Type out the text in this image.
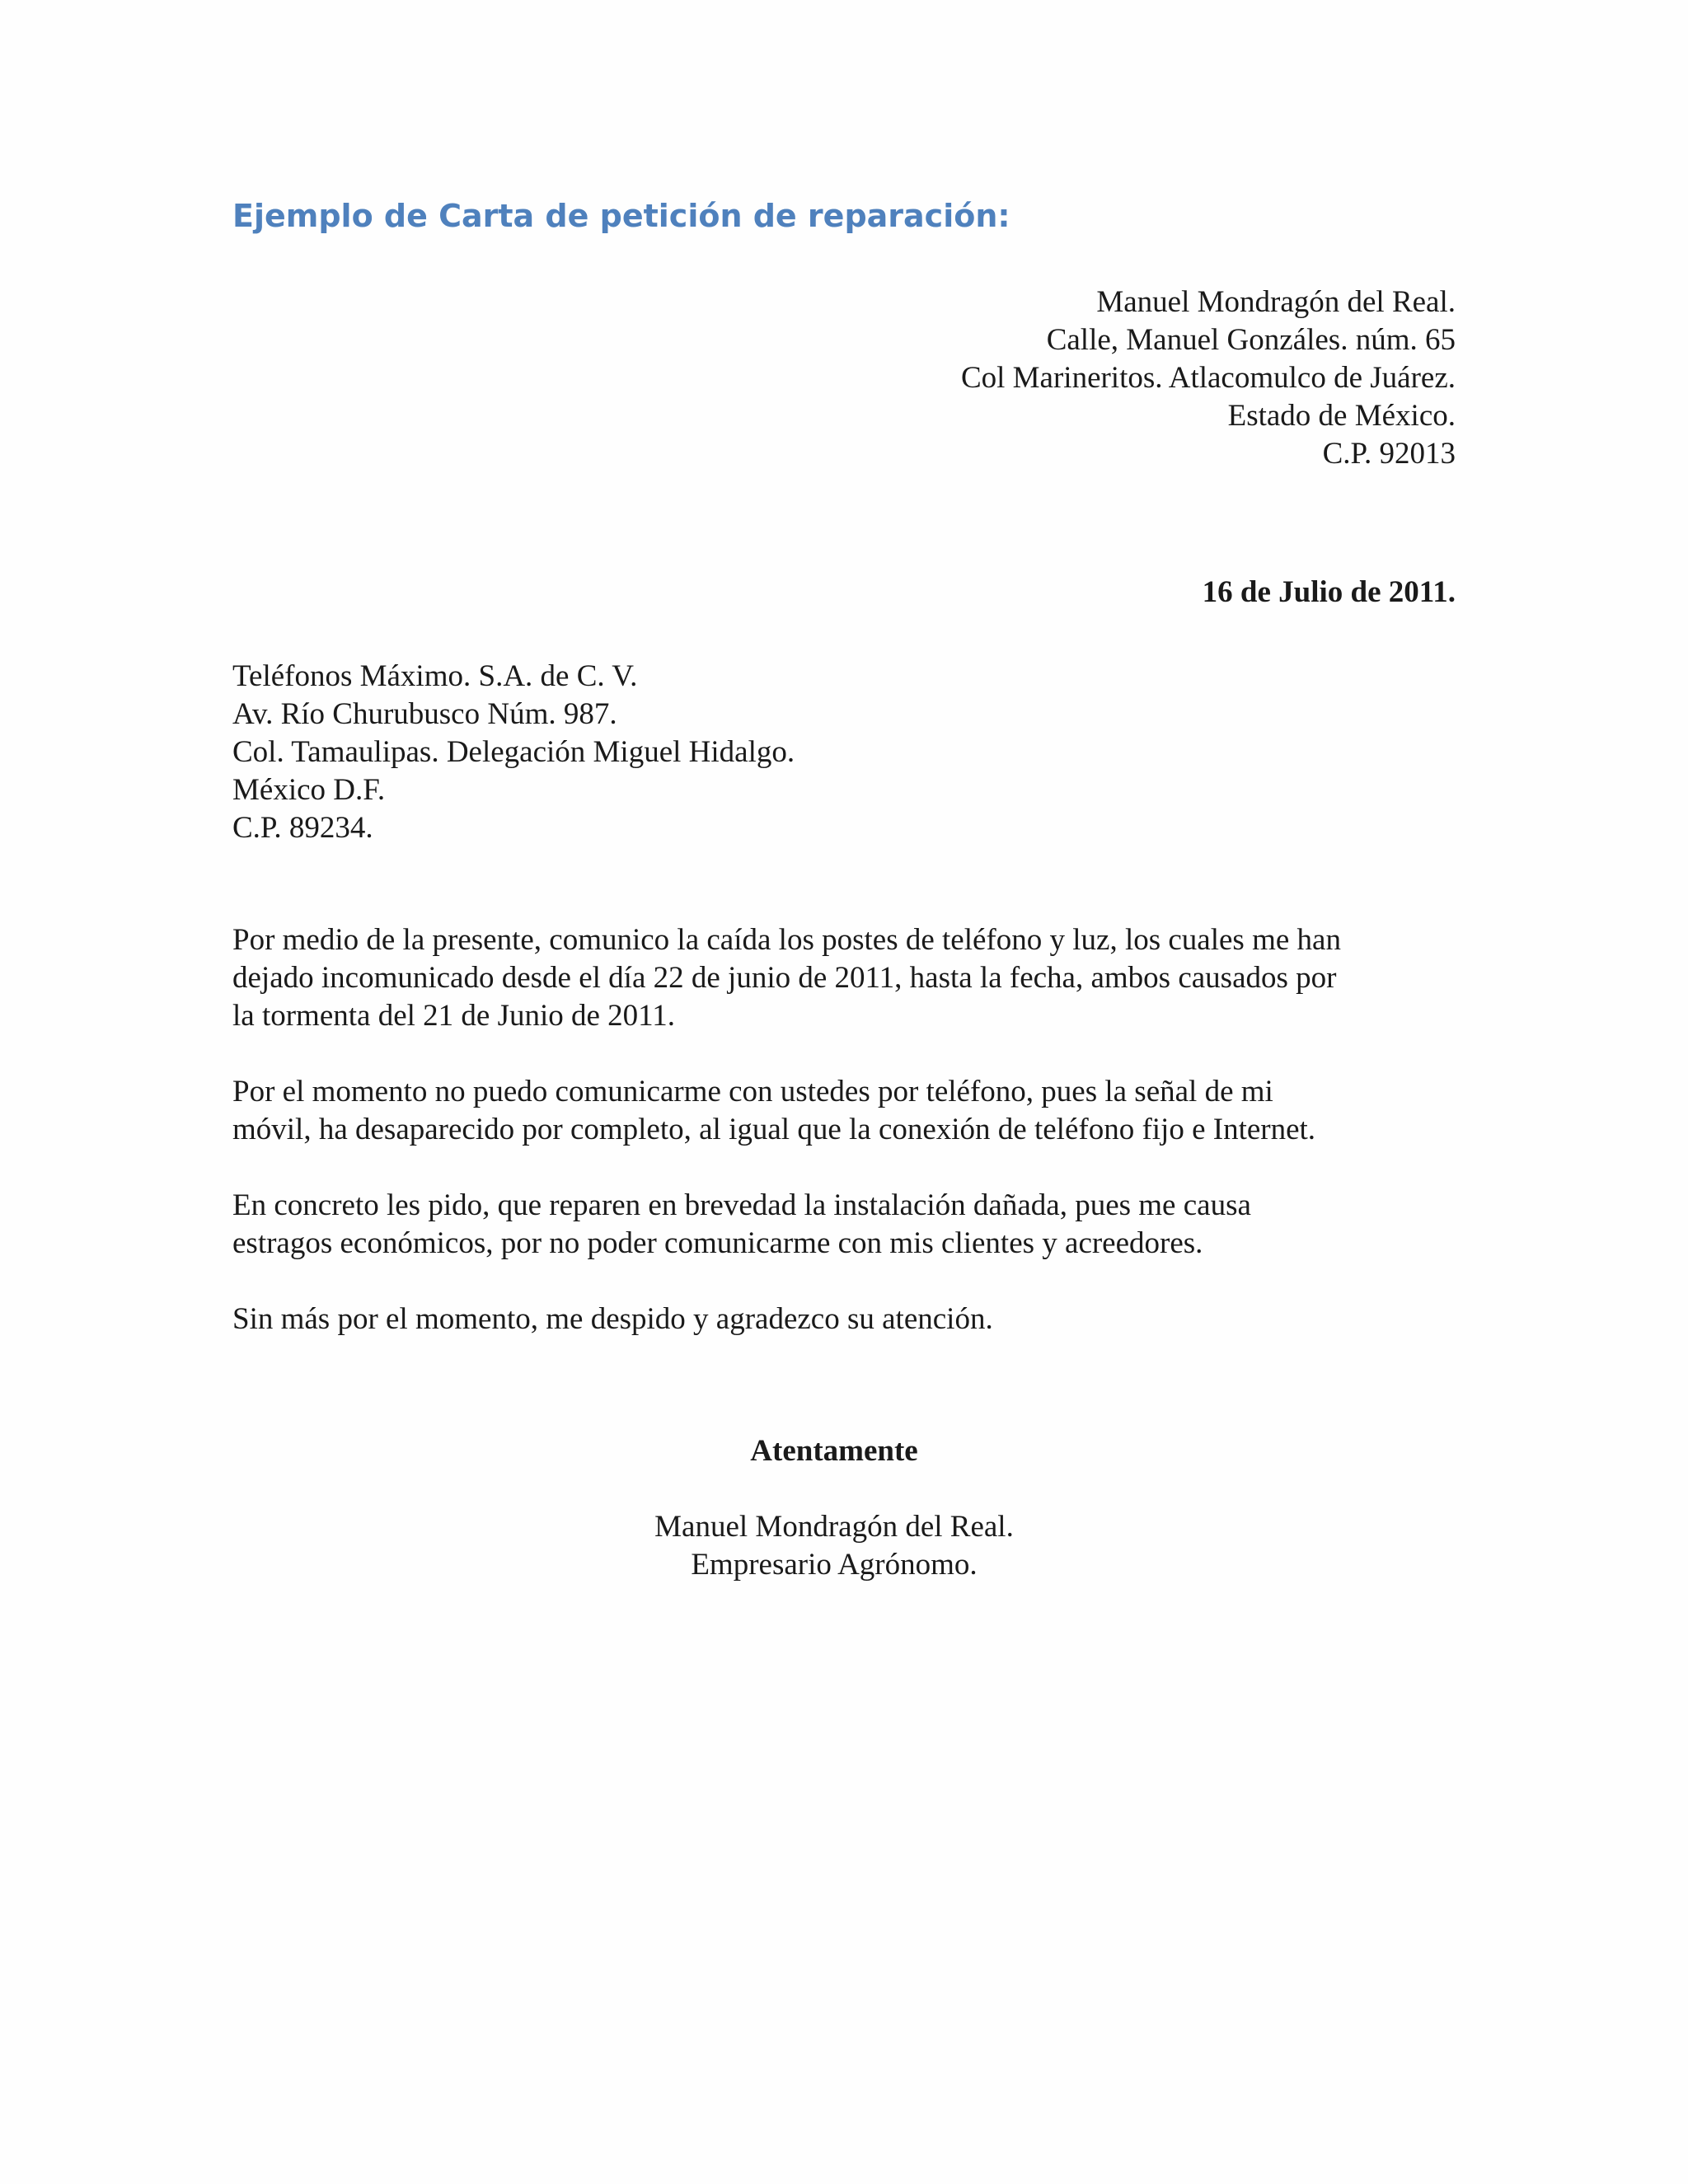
Ejemplo de Carta de petición de reparación:
Manuel Mondragón del Real.
Calle, Manuel Gonzáles. núm. 65
Col Marineritos. Atlacomulco de Juárez.
Estado de México.
C.P. 92013
16 de Julio de 2011.
Teléfonos Máximo. S.A. de C. V.
Av. Río Churubusco Núm. 987.
Col. Tamaulipas. Delegación Miguel Hidalgo.
México D.F.
C.P. 89234.

Por medio de la presente, comunico la caída los postes de teléfono y luz, los cuales me han
dejado incomunicado desde el día 22 de junio de 2011, hasta la fecha, ambos causados por
la tormenta del 21 de Junio de 2011.

Por el momento no puedo comunicarme con ustedes por teléfono, pues la señal de mi
móvil, ha desaparecido por completo, al igual que la conexión de teléfono fijo e Internet.

En concreto les pido, que reparen en brevedad la instalación dañada, pues me causa
estragos económicos, por no poder comunicarme con mis clientes y acreedores.

Sin más por el momento, me despido y agradezco su atención.

Atentamente
Manuel Mondragón del Real.
Empresario Agrónomo.
